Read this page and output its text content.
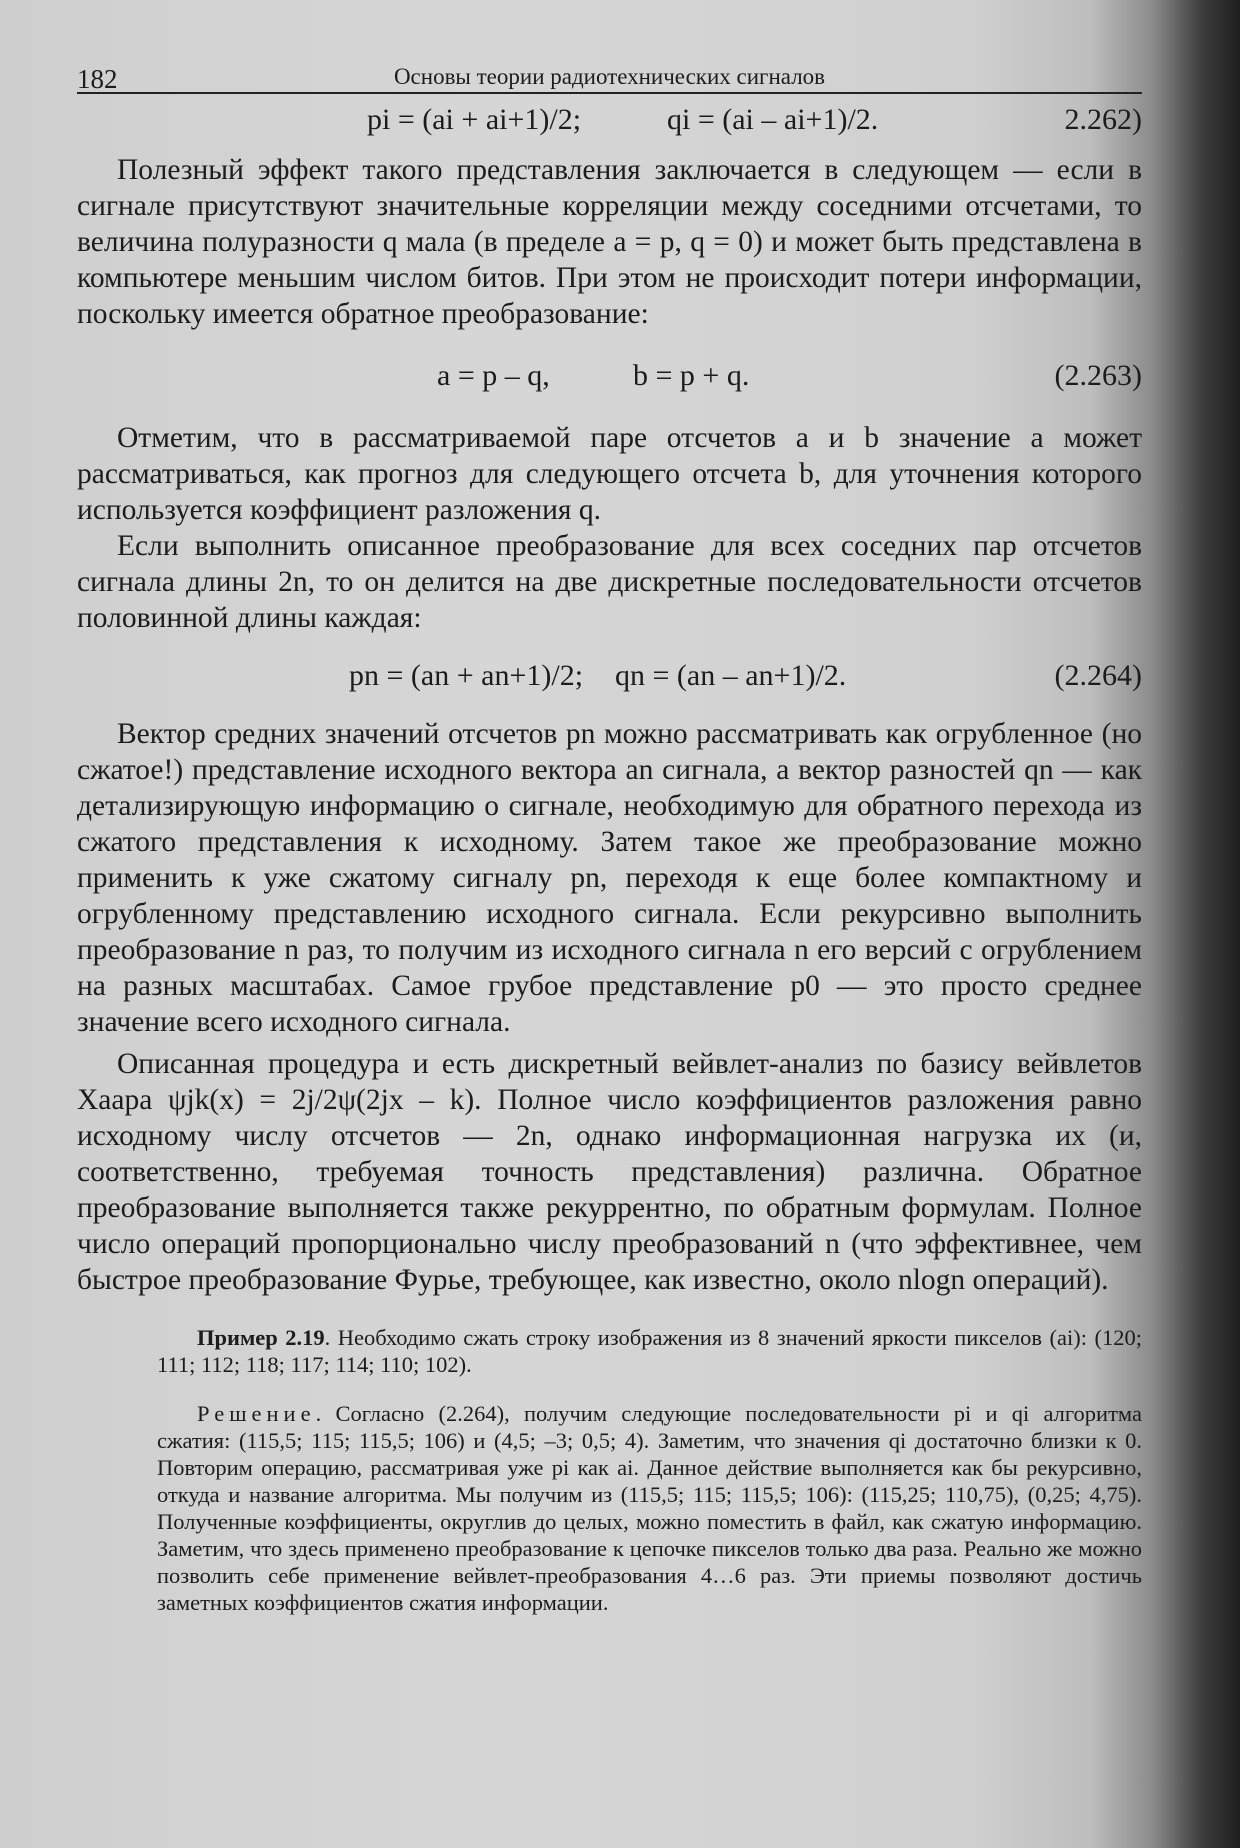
182	Основы теории радиотехнических сигналов
pi = (ai + ai+1)/2;	qi = (ai – ai+1)/2.	2.262)

Полезный эффект такого представления заключается в следующем — если в сигнале присутствуют значительные корреляции между соседними отсчетами, то величина полуразности q мала (в пределе a = p, q = 0) и может быть представлена в компьютере меньшим числом битов. При этом не происходит потери информации, поскольку имеется обратное преобразование:

a = p – q,	b = p + q.	(2.263)

Отметим, что в рассматриваемой паре отсчетов a и b значение a может рассматриваться, как прогноз для следующего отсчета b, для уточнения которого используется коэффициент разложения q.

Если выполнить описанное преобразование для всех соседних пар отсчетов сигнала длины 2n, то он делится на две дискретные последовательности отсчетов половинной длины каждая:

pn = (an + an+1)/2; qn = (an – an+1)/2.	(2.264)

Вектор средних значений отсчетов pn можно рассматривать как огрубленное (но сжатое!) представление исходного вектора an сигнала, а вектор разностей qn — как детализирующую информацию о сигнале, необходимую для обратного перехода из сжатого представления к исходному. Затем такое же преобразование можно применить к уже сжатому сигналу pn, переходя к еще более компактному и огрубленному представлению исходного сигнала. Если рекурсивно выполнить преобразование n раз, то получим из исходного сигнала n его версий с огрублением на разных масштабах. Самое грубое представление p0 — это просто среднее значение всего исходного сигнала.

Описанная процедура и есть дискретный вейвлет-анализ по базису вейвлетов Хаара ψjk(x) = 2j/2ψ(2jx – k). Полное число коэффициентов разложения равно исходному числу отсчетов — 2n, однако информационная нагрузка их (и, соответственно, требуемая точность представления) различна. Обратное преобразование выполняется также рекуррентно, по обратным формулам. Полное число операций пропорционально числу преобразований n (что эффективнее, чем быстрое преобразование Фурье, требующее, как известно, около nlogn операций).

Пример 2.19. Необходимо сжать строку изображения из 8 значений яркости пикселов (ai): (120; 111; 112; 118; 117; 114; 110; 102).

Решение. Согласно (2.264), получим следующие последовательности pi и qi алгоритма сжатия: (115,5; 115; 115,5; 106) и (4,5; –3; 0,5; 4). Заметим, что значения qi достаточно близки к 0. Повторим операцию, рассматривая уже pi как ai. Данное действие выполняется как бы рекурсивно, откуда и название алгоритма. Мы получим из (115,5; 115; 115,5; 106): (115,25; 110,75), (0,25; 4,75). Полученные коэффициенты, округлив до целых, можно поместить в файл, как сжатую информацию. Заметим, что здесь применено преобразование к цепочке пикселов только два раза. Реально же можно позволить себе применение вейвлет-преобразования 4…6 раз. Эти приемы позволяют достичь заметных коэффициентов сжатия информации.
